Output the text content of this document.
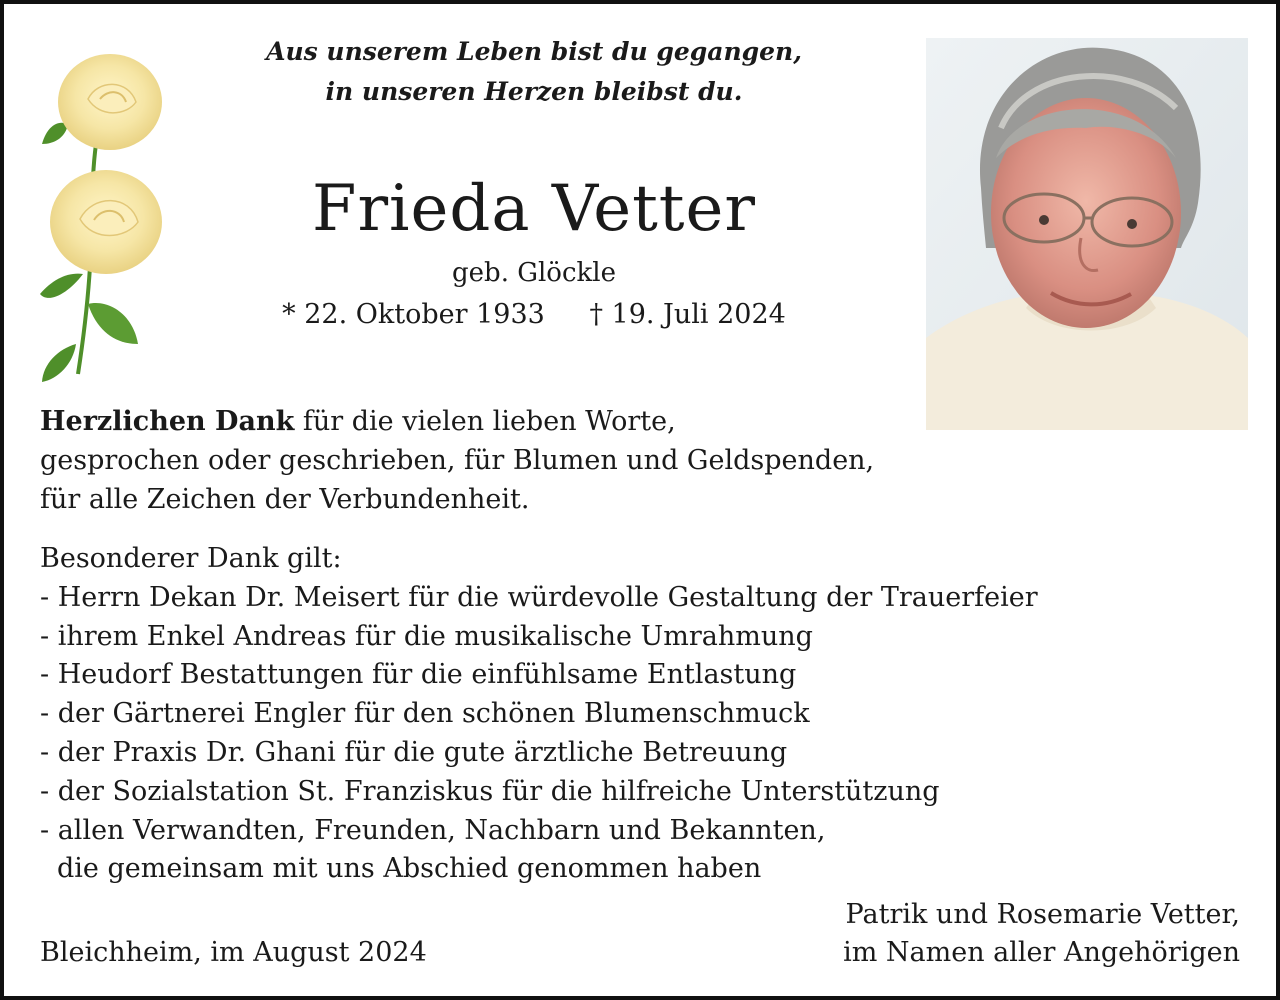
Aus unserem Leben bist du gegangen,
in unseren Herzen bleibst du.
Frieda Vetter
geb. Glöckle
* 22. Oktober 1933 † 19. Juli 2024
Herzlichen Dank für die vielen lieben Worte,
gesprochen oder geschrieben, für Blumen und Geldspenden,
für alle Zeichen der Verbundenheit.
Besonderer Dank gilt:
- Herrn Dekan Dr. Meisert für die würdevolle Gestaltung der Trauerfeier
- ihrem Enkel Andreas für die musikalische Umrahmung
- Heudorf Bestattungen für die einfühlsame Entlastung
- der Gärtnerei Engler für den schönen Blumenschmuck
- der Praxis Dr. Ghani für die gute ärztliche Betreuung
- der Sozialstation St. Franziskus für die hilfreiche Unterstützung
- allen Verwandten, Freunden, Nachbarn und Bekannten,
die gemeinsam mit uns Abschied genommen haben
Bleichheim, im August 2024
Patrik und Rosemarie Vetter,
im Namen aller Angehörigen
